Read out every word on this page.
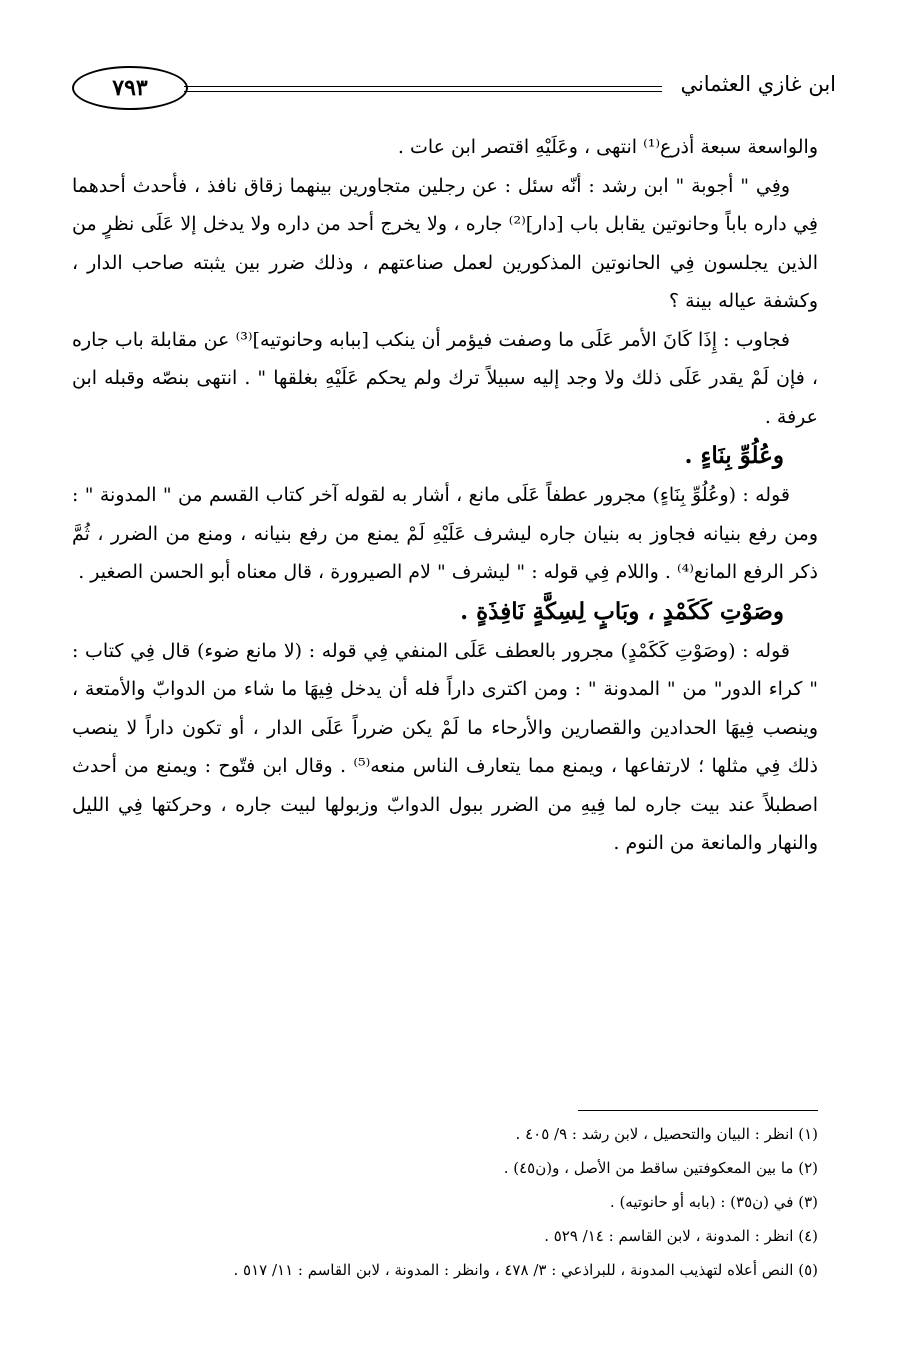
ابن غازي العثماني
٧٩٣

والواسعة سبعة أذرع⁽¹⁾ انتهى ، وعَلَيْهِ اقتصر ابن عات .

وفِي " أجوبة " ابن رشد : أنّه سئل : عن رجلين متجاورين بينهما زقاق نافذ ، فأحدث أحدهما فِي داره باباً وحانوتين يقابل باب [دار]⁽²⁾ جاره ، ولا يخرج أحد من داره ولا يدخل إلا عَلَى نظرٍ من الذين يجلسون فِي الحانوتين المذكورين لعمل صناعتهم ، وذلك ضرر بين يثبته صاحب الدار ، وكشفة عياله بينة ؟

فجاوب : إِذَا كَانَ الأمر عَلَى ما وصفت فيؤمر أن ينكب [ببابه وحانوتيه]⁽³⁾ عن مقابلة باب جاره ، فإن لَمْ يقدر عَلَى ذلك ولا وجد إليه سبيلاً ترك ولم يحكم عَلَيْهِ بغلقها " . انتهى بنصّه وقبله ابن عرفة .

وعُلُوِّ بِنَاءٍ .

قوله : (وعُلُوِّ بِنَاءٍ) مجرور عطفاً عَلَى مانع ، أشار به لقوله آخر كتاب القسم من " المدونة " : ومن رفع بنيانه فجاوز به بنيان جاره ليشرف عَلَيْهِ لَمْ يمنع من رفع بنيانه ، ومنع من الضرر ، ثُمَّ ذكر الرفع المانع⁽⁴⁾ . واللام فِي قوله : " ليشرف " لام الصيرورة ، قال معناه أبو الحسن الصغير .

وصَوْتِ كَكَمْدٍ ، وبَابٍ لِسِكَّةٍ نَافِذَةٍ .

قوله : (وصَوْتِ كَكَمْدٍ) مجرور بالعطف عَلَى المنفي فِي قوله : (لا مانع ضوء) قال فِي كتاب : " كراء الدور" من " المدونة " : ومن اكترى داراً فله أن يدخل فِيهَا ما شاء من الدوابّ والأمتعة ، وينصب فِيهَا الحدادين والقصارين والأرحاء ما لَمْ يكن ضرراً عَلَى الدار ، أو تكون داراً لا ينصب ذلك فِي مثلها ؛ لارتفاعها ، ويمنع مما يتعارف الناس منعه⁽⁵⁾ . وقال ابن فتّوح : ويمنع من أحدث اصطبلاً عند بيت جاره لما فِيهِ من الضرر ببول الدوابّ وزبولها لبيت جاره ، وحركتها فِي الليل والنهار والمانعة من النوم .

(١) انظر : البيان والتحصيل ، لابن رشد : ٩/ ٤٠٥ .

(٢) ما بين المعكوفتين ساقط من الأصل ، و(ن٤٥) .

(٣) في (ن٣٥) : (بابه أو حانوتيه) .

(٤) انظر : المدونة ، لابن القاسم : ١٤/ ٥٢٩ .

(٥) النص أعلاه لتهذيب المدونة ، للبراذعي : ٣/ ٤٧٨ ، وانظر : المدونة ، لابن القاسم : ١١/ ٥١٧ .
